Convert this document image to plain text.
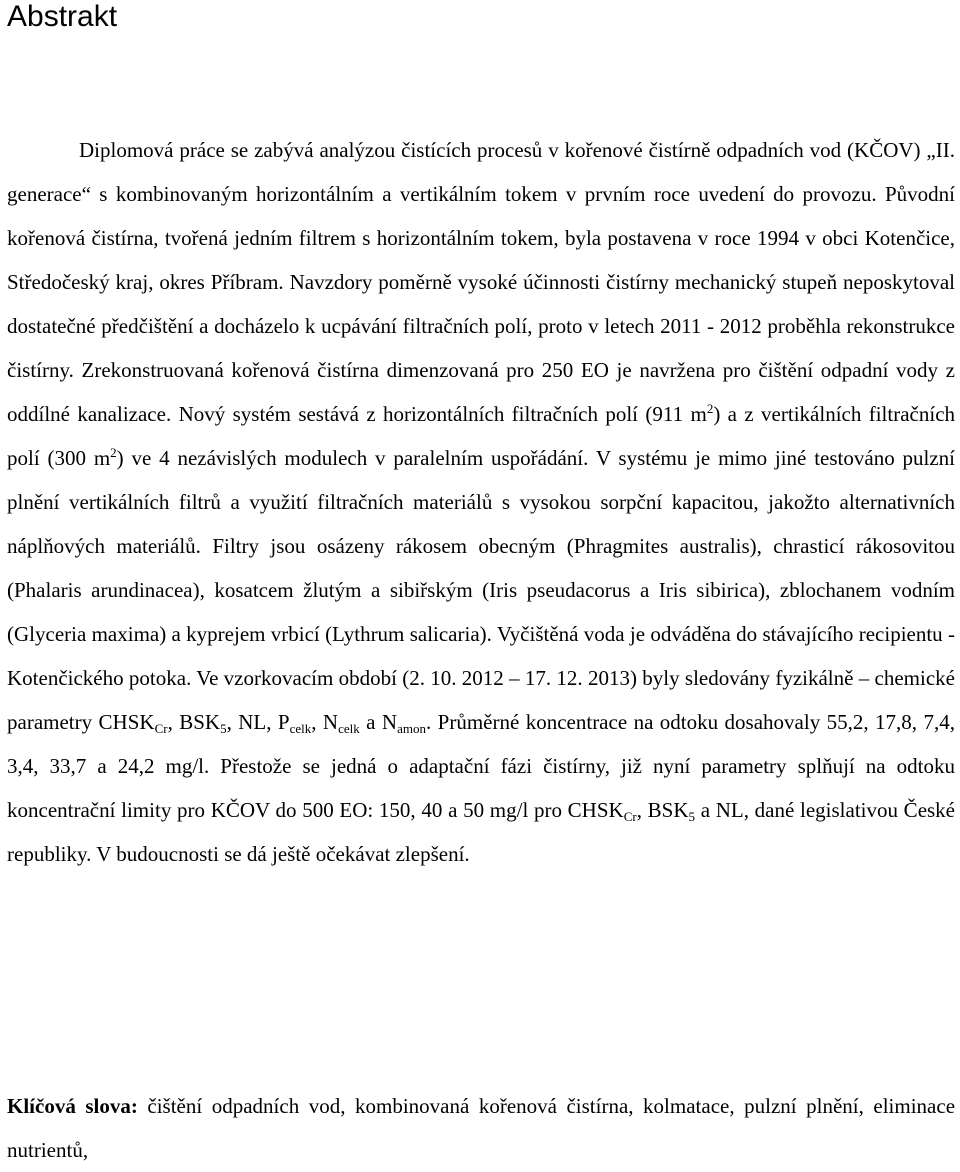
Abstrakt

Diplomová práce se zabývá analýzou čistících procesů v kořenové čistírně odpadních vod (KČOV) „II. generace“ s kombinovaným horizontálním a vertikálním tokem v prvním roce uvedení do provozu. Původní kořenová čistírna, tvořená jedním filtrem s horizontálním tokem, byla postavena v roce 1994 v obci Kotenčice, Středočeský kraj, okres Příbram. Navzdory poměrně vysoké účinnosti čistírny mechanický stupeň neposkytoval dostatečné předčištění a docházelo k ucpávání filtračních polí, proto v letech 2011 - 2012 proběhla rekonstrukce čistírny. Zrekonstruovaná kořenová čistírna dimenzovaná pro 250 EO je navržena pro čištění odpadní vody z oddílné kanalizace. Nový systém sestává z horizontálních filtračních polí (911 $m^2$) a z vertikálních filtračních polí (300 $m^2$) ve 4 nezávislých modulech v paralelním uspořádání. V systému je mimo jiné testováno pulzní plnění vertikálních filtrů a využití filtračních materiálů s vysokou sorpční kapacitou, jakožto alternativních náplňových materiálů. Filtry jsou osázeny rákosem obecným (Phragmites australis), chrasticí rákosovitou (Phalaris arundinacea), kosatcem žlutým a sibiřským (Iris pseudacorus a Iris sibirica), zblochanem vodním (Glyceria maxima) a kyprejem vrbicí (Lythrum salicaria). Vyčištěná voda je odváděna do stávajícího recipientu - Kotenčického potoka. Ve vzorkovacím období (2. 10. 2012 – 17. 12. 2013) byly sledovány fyzikálně – chemické parametry $CHSK_{Cr}$, $BSK_5$, NL, $P_{celk}$, $N_{celk}$ a $N_{amon}$. Průměrné koncentrace na odtoku dosahovaly 55,2, 17,8, 7,4, 3,4, 33,7 a 24,2 mg/l. Přestože se jedná o adaptační fázi čistírny, již nyní parametry splňují na odtoku koncentrační limity pro KČOV do 500 EO: 150, 40 a 50 mg/l pro $CHSK_{Cr}$, $BSK_5$ a NL, dané legislativou České republiky. V budoucnosti se dá ještě očekávat zlepšení.

Klíčová slova: čištění odpadních vod, kombinovaná kořenová čistírna, kolmatace, pulzní plnění, eliminace nutrientů,
